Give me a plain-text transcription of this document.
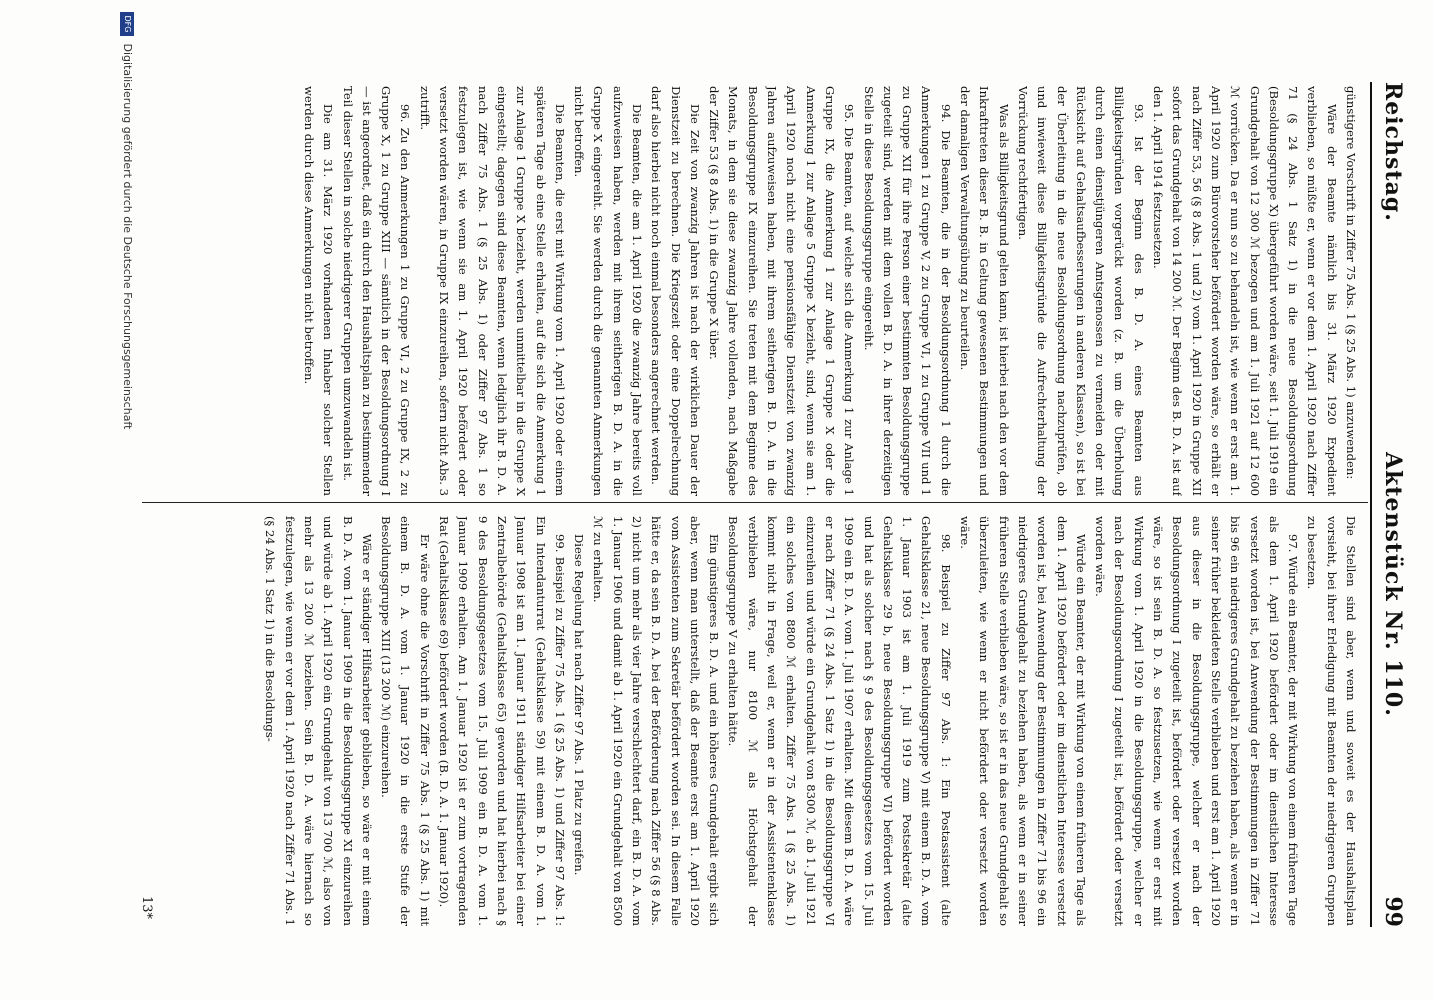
Reichstag.
Aktenstück Nr. 110.
99

günstigere Vorschrift in Ziffer 75 Abs. 1 (§ 25 Abs. 1) anzuwenden:

Wäre der Beamte nämlich bis 31. März 1920 Expedient verblieben, so müßte er, wenn er vor dem 1. April 1920 nach Ziffer 71 (§ 24 Abs. 1 Satz 1) in die neue Besoldungsordnung (Besoldungsgruppe X) übergeführt worden wäre, seit 1. Juli 1919 ein Grundgehalt von 12 300 ℳ bezogen und am 1. Juli 1921 auf 12 600 ℳ vorrücken. Da er nun so zu behandeln ist, wie wenn er erst am 1. April 1920 zum Bürovorsteher befördert worden wäre, so erhält er nach Ziffer 53, 56 (§ 8 Abs. 1 und 2) vom 1. April 1920 in Gruppe XII sofort das Grundgehalt von 14 200 ℳ. Der Beginn des B. D. A. ist auf den 1. April 1914 festzusetzen.

93. Ist der Beginn des B. D. A. eines Beamten aus Billigkeitsgründen vorgerückt worden (z. B. um die Überholung durch einen dienstjüngeren Amtsgenossen zu vermeiden oder mit Rücksicht auf Gehaltsaufbesserungen in anderen Klassen), so ist bei der Überleitung in die neue Besoldungsordnung nachzuprüfen, ob und inwieweit diese Billigkeitsgründe die Aufrechterhaltung der Vorrückung rechtfertigen.

Was als Billigkeitsgrund gelten kann, ist hierbei nach den vor dem Inkrafttreten dieser B. B. in Geltung gewesenen Bestimmungen und der damaligen Verwaltungsübung zu beurteilen.

94. Die Beamten, die in der Besoldungsordnung 1 durch die Anmerkungen 1 zu Gruppe V, 2 zu Gruppe VI, 1 zu Gruppe VII und 1 zu Gruppe XII für ihre Person einer bestimmten Besoldungsgruppe zugeteilt sind, werden mit dem vollen B. D. A. in ihrer derzeitigen Stelle in diese Besoldungsgruppe eingereiht.

95. Die Beamten, auf welche sich die Anmerkung 1 zur Anlage 1 Gruppe IX, die Anmerkung 1 zur Anlage 1 Gruppe X oder die Anmerkung 1 zur Anlage 5 Gruppe X bezieht, sind, wenn sie am 1. April 1920 noch nicht eine pensionsfähige Dienstzeit von zwanzig Jahren aufzuweisen haben, mit ihrem seitherigen B. D. A. in die Besoldungsgruppe IX einzureihen. Sie treten mit dem Beginne des Monats, in dem sie diese zwanzig Jahre vollenden, nach Maßgabe der Ziffer 53 (§ 8 Abs. 1) in die Gruppe X über.

Die Zeit von zwanzig Jahren ist nach der wirklichen Dauer der Dienstzeit zu berechnen. Die Kriegszeit oder eine Doppelrechnung darf also hierbei nicht noch einmal besonders angerechnet werden.

Die Beamten, die am 1. April 1920 die zwanzig Jahre bereits voll aufzuweisen haben, werden mit ihrem seitherigen B. D. A. in die Gruppe X eingereiht. Sie werden durch die genannten Anmerkungen nicht betroffen.

Die Beamten, die erst mit Wirkung vom 1. April 1920 oder einem späteren Tage ab eine Stelle erhalten, auf die sich die Anmerkung 1 zur Anlage 1 Gruppe X bezieht, werden unmittelbar in die Gruppe X eingestellt; dagegen sind diese Beamten, wenn lediglich ihr B. D. A. nach Ziffer 75 Abs. 1 (§ 25 Abs. 1) oder Ziffer 97 Abs. 1 so festzulegen ist, wie wenn sie am 1. April 1920 befördert oder versetzt worden wären, in Gruppe IX einzureihen, sofern nicht Abs. 3 zutrifft.

96. Zu den Anmerkungen 1 zu Gruppe VI, 2 zu Gruppe IX, 2 zu Gruppe X, 1 zu Gruppe XIII — sämtlich in der Besoldungsordnung I — ist angeordnet, daß ein durch den Haushaltsplan zu bestimmender Teil dieser Stellen in solche niedrigerer Gruppen umzuwandeln ist.

Die am 31. März 1920 vorhandenen Inhaber solcher Stellen werden durch diese Anmerkungen nicht betroffen.

Die Stellen sind aber, wenn und soweit es der Haushaltsplan vorsieht, bei ihrer Erledigung mit Beamten der niedrigeren Gruppen zu besetzen.

97. Würde ein Beamter, der mit Wirkung von einem früheren Tage als dem 1. April 1920 befördert oder im dienstlichen Interesse versetzt worden ist, bei Anwendung der Bestimmungen in Ziffer 71 bis 96 ein niedrigeres Grundgehalt zu beziehen haben, als wenn er in seiner früher bekleideten Stelle verblieben und erst am 1. April 1920 aus dieser in die Besoldungsgruppe, welcher er nach der Besoldungsordnung I zugeteilt ist, befördert oder versetzt worden wäre, so ist sein B. D. A. so festzusetzen, wie wenn er erst mit Wirkung vom 1. April 1920 in die Besoldungsgruppe, welcher er nach der Besoldungsordnung I zugeteilt ist, befördert oder versetzt worden wäre.

Würde ein Beamter, der mit Wirkung von einem früheren Tage als dem 1. April 1920 befördert oder im dienstlichen Interesse versetzt worden ist, bei Anwendung der Bestimmungen in Ziffer 71 bis 96 ein niedrigeres Grundgehalt zu beziehen haben, als wenn er in seiner früheren Stelle verblieben wäre, so ist er in das neue Grundgehalt so überzuleiten, wie wenn er nicht befördert oder versetzt worden wäre.

98. Beispiel zu Ziffer 97 Abs. 1: Ein Postassistent (alte Gehaltsklasse 21, neue Besoldungsgruppe V) mit einem B. D. A. vom 1. Januar 1903 ist am 1. Juli 1919 zum Postsekretär (alte Gehaltsklasse 29 b, neue Besoldungsgruppe VI) befördert worden und hat als solcher nach § 9 des Besoldungsgesetzes vom 15. Juli 1909 ein B. D. A. vom 1. Juli 1907 erhalten. Mit diesem B. D. A. wäre er nach Ziffer 71 (§ 24 Abs. 1 Satz 1) in die Besoldungsgruppe VI einzureihen und würde ein Grundgehalt von 8300 ℳ, ab 1. Juli 1921 ein solches von 8800 ℳ erhalten. Ziffer 75 Abs. 1 (§ 25 Abs. 1) kommt nicht in Frage, weil er, wenn er in der Assistentenklasse verblieben wäre, nur 8100 ℳ als Höchstgehalt der Besoldungsgruppe V zu erhalten hätte.

Ein günstigeres B. D. A. und ein höheres Grundgehalt ergibt sich aber, wenn man unterstellt, daß der Beamte erst am 1. April 1920 vom Assistenten zum Sekretär befördert worden sei. In diesem Falle hätte er, da sein B. D. A. bei der Beförderung nach Ziffer 56 (§ 8 Abs. 2) nicht um mehr als vier Jahre verschlechtert darf, ein B. D. A. vom 1. Januar 1906 und damit ab 1. April 1920 ein Grundgehalt von 8500 ℳ zu erhalten.

Diese Regelung hat nach Ziffer 97 Abs. 1 Platz zu greifen.

99. Beispiel zu Ziffer 75 Abs. 1 (§ 25 Abs. 1) und Ziffer 97 Abs. 1: Ein Intendanturrat (Gehaltsklasse 59) mit einem B. D. A. vom 1. Januar 1908 ist am 1. Januar 1911 ständiger Hilfsarbeiter bei einer Zentralbehörde (Gehaltsklasse 65) geworden und hat hierbei nach § 9 des Besoldungsgesetzes vom 15. Juli 1909 ein B. D. A. vom 1. Januar 1909 erhalten. Am 1. Januar 1920 ist er zum vortragenden Rat (Gehaltsklasse 69) befördert worden (B. D. A. 1. Januar 1920).

Er wäre ohne die Vorschrift in Ziffer 75 Abs. 1 (§ 25 Abs. 1) mit einem B. D. A. vom 1. Januar 1920 in die erste Stufe der Besoldungsgruppe XIII (13 200 ℳ) einzureihen.

Wäre er ständiger Hilfsarbeiter geblieben, so wäre er mit einem B. D. A. vom 1. Januar 1909 in die Besoldungsgruppe XI einzureihen und würde ab 1. April 1920 ein Grundgehalt von 13 700 ℳ, also von mehr als 13 200 ℳ beziehen. Sein B. D. A. wäre hiernach so festzulegen, wie wenn er vor dem 1. April 1920 nach Ziffer 71 Abs. 1 (§ 24 Abs. 1 Satz 1) in die Besoldungs-

13*
DFG Digitalisierung gefördert durch die Deutsche Forschungsgemeinschaft
